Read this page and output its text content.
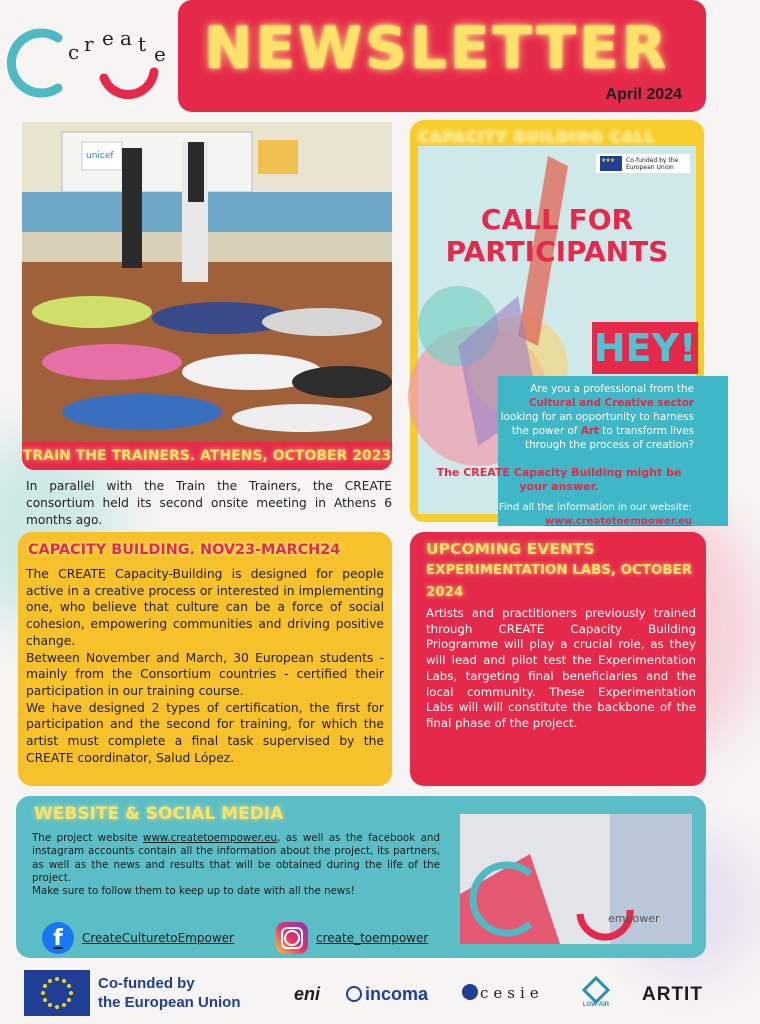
c r e a t e NEWSLETTER
April 2024
unicef
TRAIN THE TRAINERS. ATHENS, OCTOBER 2023
In parallel with the Train the Trainers, the CREATE consortium held its second onsite meeting in Athens 6 months ago.
CAPACITY BUILDING CALL
★★★
Co-funded by the European Union
CALL FOR
PARTICIPANTS
HEY!
Are you a professional from the Cultural and Creative sector looking for an opportunity to harness the power of Art to transform lives through the process of creation?
The CREATE Capacity Building might be your answer.
Find all the information in our website:
www.createtoempower.eu
CAPACITY BUILDING. NOV23-MARCH24
The CREATE Capacity-Building is designed for people active in a creative process or interested in implementing one, who believe that culture can be a force of social cohesion, empowering communities and driving positive change.
Between November and March, 30 European students - mainly from the Consortium countries - certified their participation in our training course.
We have designed 2 types of certification, the first for participation and the second for training, for which the artist must complete a final task supervised by the CREATE coordinator, Salud López.
UPCOMING EVENTS
EXPERIMENTATION LABS, OCTOBER 2024
Artists and practitioners previously trained through CREATE Capacity Building Priogramme will play a crucial role, as they will lead and pilot test the Experimentation Labs, targeting final beneficiaries and the local community. These Experimentation Labs will will constitute the backbone of the final phase of the project.
WEBSITE & SOCIAL MEDIA
The project website www.createtoempower.eu, as well as the facebook and instagram accounts contain all the information about the project, its partners, as well as the news and results that will be obtained during the life of the project.
Make sure to follow them to keep up to date with all the news!
f	CreateCulturetoEmpower	create_toempower
empower
Co-funded by
the European Union	eni	incoma	cesie
LOW-AIR ARTIT
